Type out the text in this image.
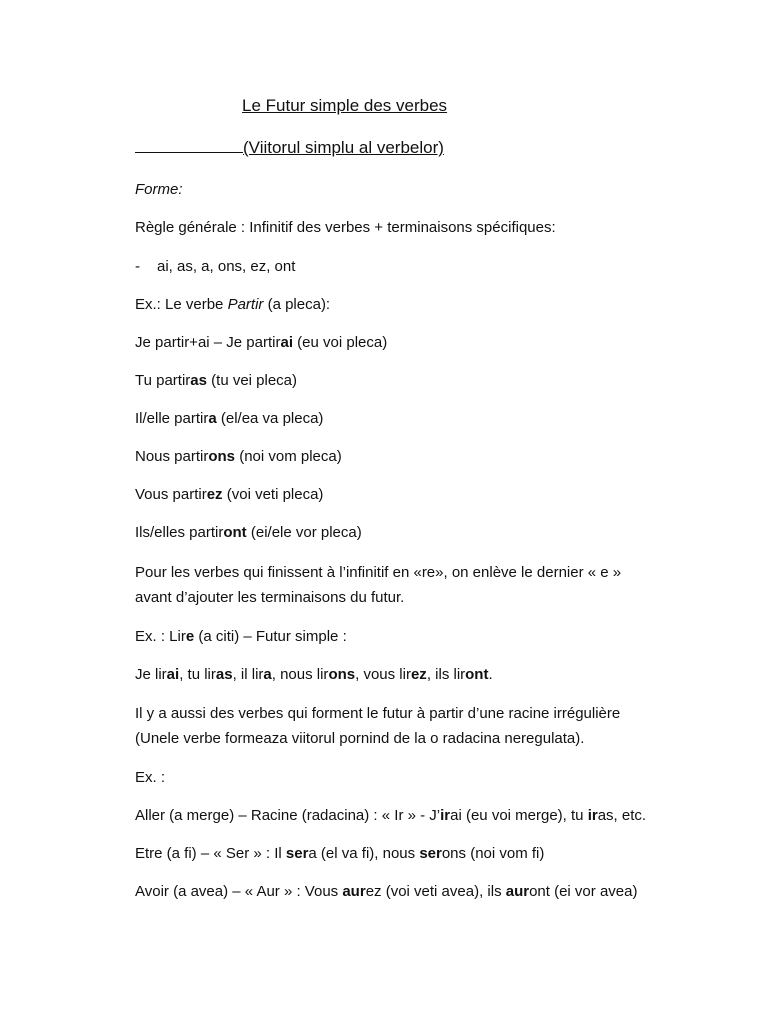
Le Futur simple des verbes
(Viitorul simplu al verbelor)
Forme:
Règle générale : Infinitif des verbes + terminaisons spécifiques:
- ai, as, a, ons, ez, ont
Ex.: Le verbe Partir (a pleca):
Je partir+ai – Je partirai (eu voi pleca)
Tu partiras (tu vei pleca)
Il/elle partira (el/ea va pleca)
Nous partirons (noi vom pleca)
Vous partirez (voi veti pleca)
Ils/elles partiront (ei/ele vor pleca)
Pour les verbes qui finissent à l’infinitif en «re», on enlève le dernier « e »
avant d’ajouter les terminaisons du futur.
Ex. : Lire (a citi) – Futur simple :
Je lirai, tu liras, il lira, nous lirons, vous lirez, ils liront.
Il y a aussi des verbes qui forment le futur à partir d’une racine irrégulière
(Unele verbe formeaza viitorul pornind de la o radacina neregulata).
Ex. :
Aller (a merge) – Racine (radacina) : « Ir » - J’irai (eu voi merge), tu iras, etc.
Etre (a fi) – « Ser » : Il sera (el va fi), nous serons (noi vom fi)
Avoir (a avea) – « Aur » : Vous aurez (voi veti avea), ils auront (ei vor avea)
